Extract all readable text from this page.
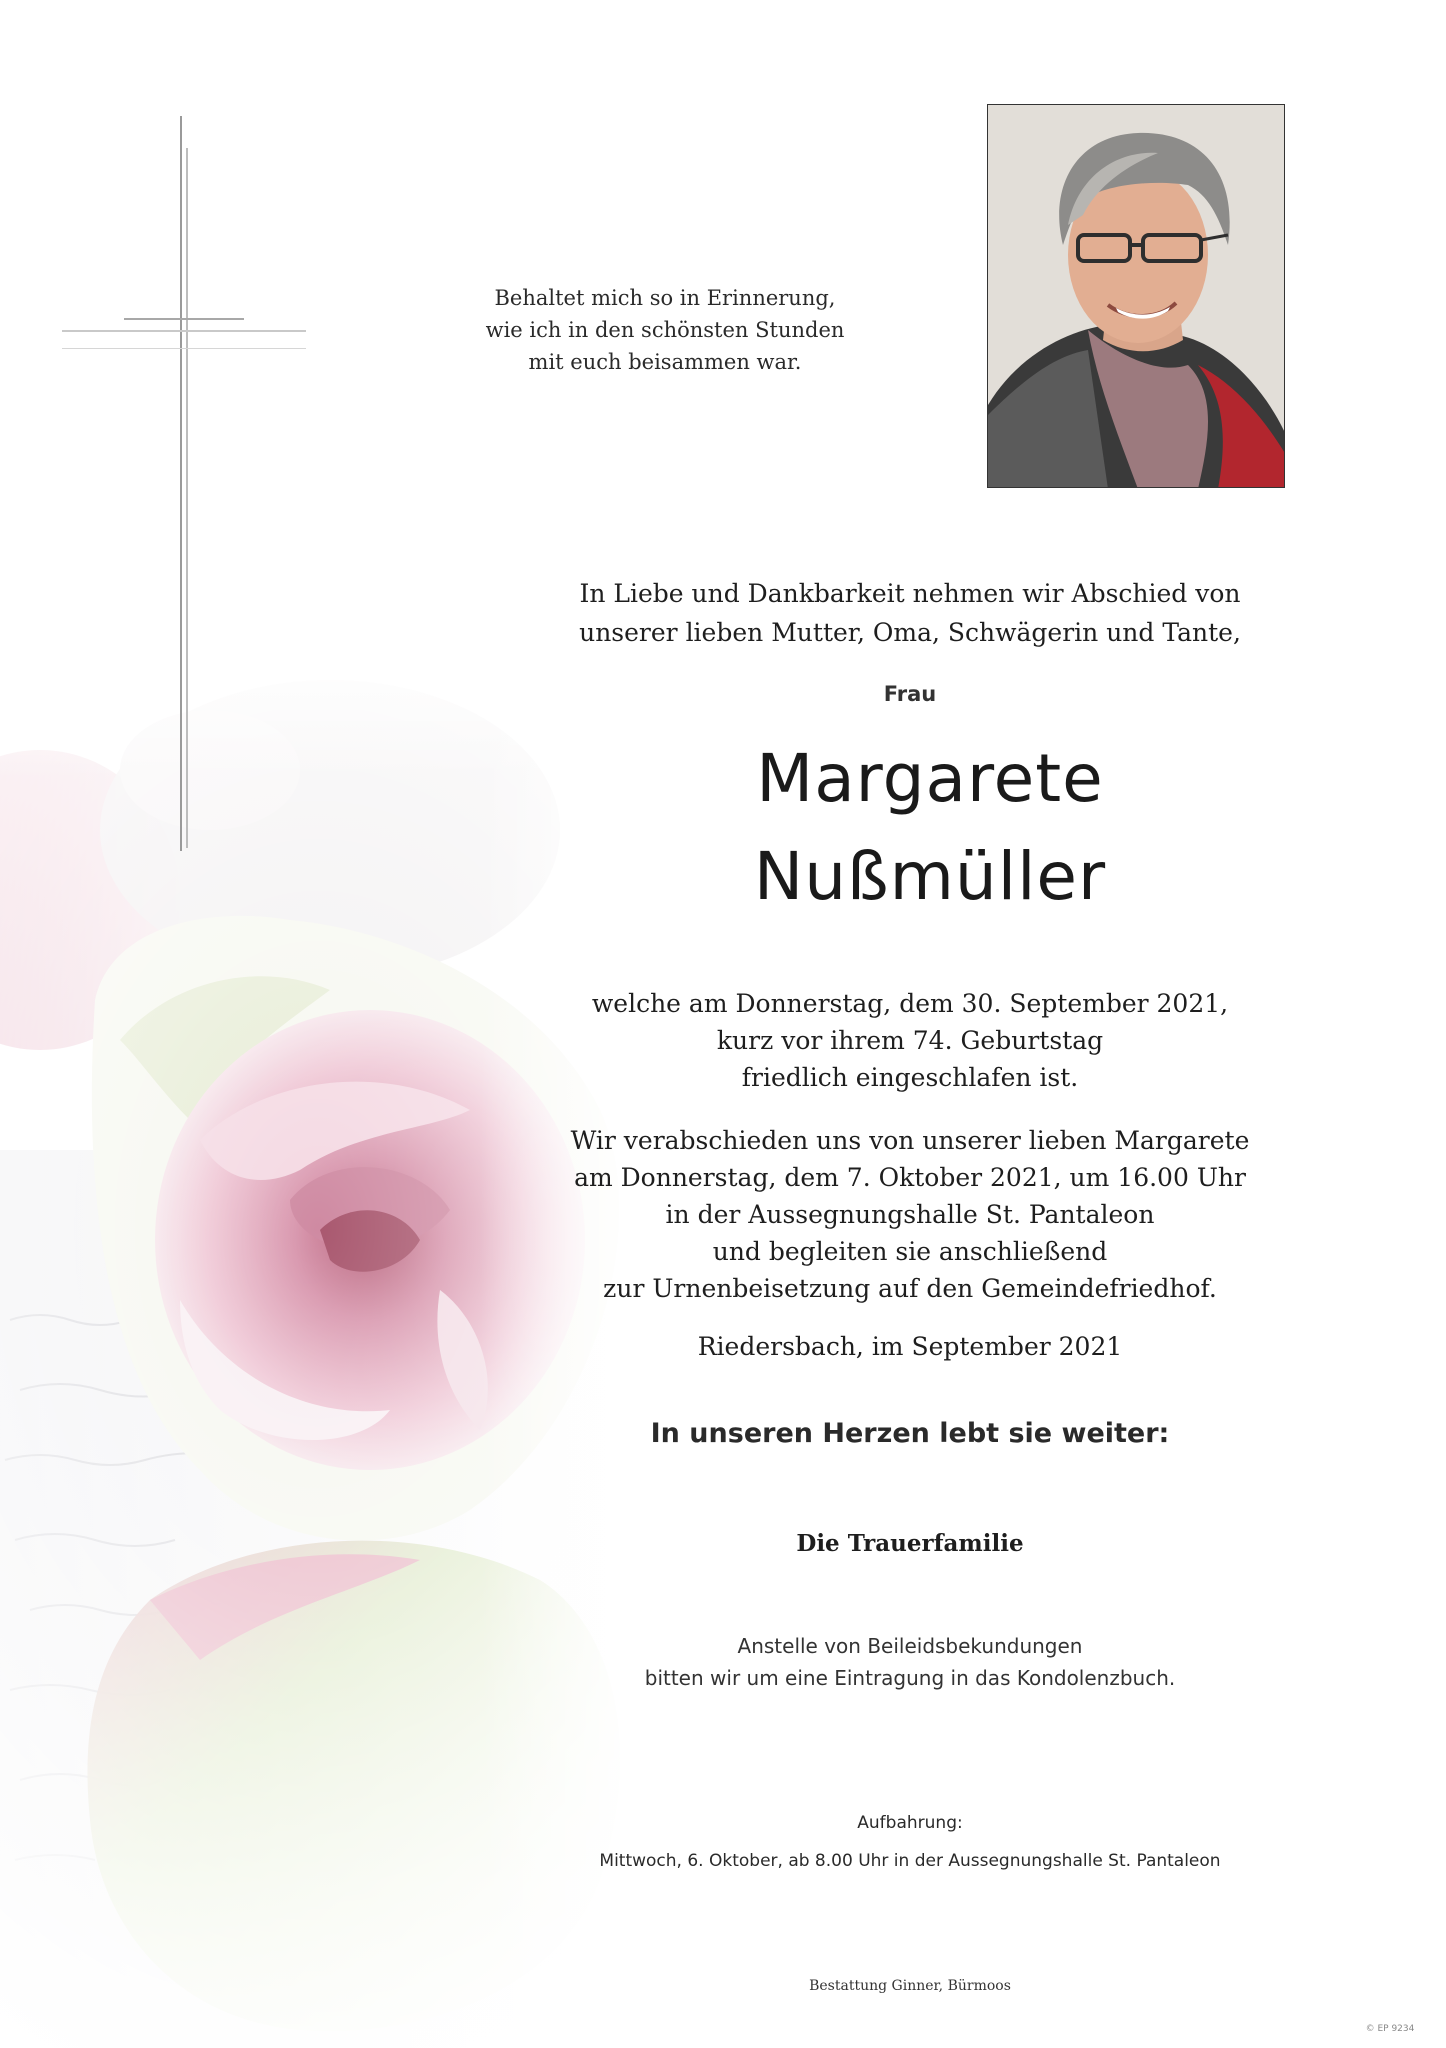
Behaltet mich so in Erinnerung,
wie ich in den schönsten Stunden
mit euch beisammen war.
In Liebe und Dankbarkeit nehmen wir Abschied von
unserer lieben Mutter, Oma, Schwägerin und Tante,
Frau
Margarete
Nußmüller
welche am Donnerstag, dem 30. September 2021,
kurz vor ihrem 74. Geburtstag
friedlich eingeschlafen ist.
Wir verabschieden uns von unserer lieben Margarete
am Donnerstag, dem 7. Oktober 2021, um 16.00 Uhr
in der Aussegnungshalle St. Pantaleon
und begleiten sie anschließend
zur Urnenbeisetzung auf den Gemeindefriedhof.
Riedersbach, im September 2021
In unseren Herzen lebt sie weiter:
Die Trauerfamilie
Anstelle von Beileidsbekundungen
bitten wir um eine Eintragung in das Kondolenzbuch.
Aufbahrung:
Mittwoch, 6. Oktober, ab 8.00 Uhr in der Aussegnungshalle St. Pantaleon
Bestattung Ginner, Bürmoos
© EP 9234
